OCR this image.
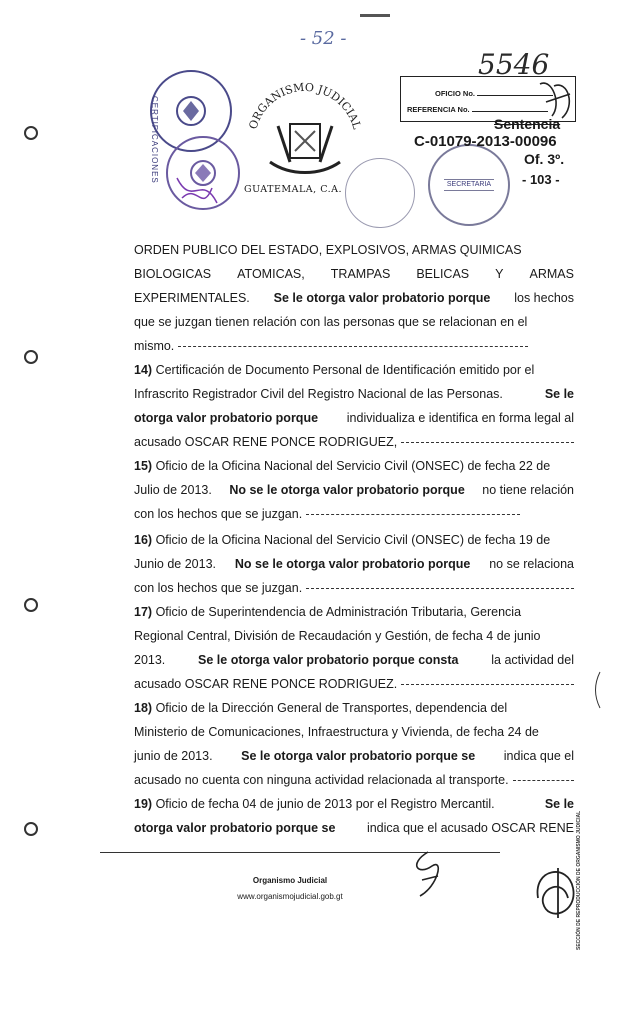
- 52 -
5546
CERTIFICACIONES	ORGANISMO JUDICIAL
GUATEMALA, C.A.	SECRETARIA
OFICIO No.
REFERENCIA No.
Sentencia
C-01079-2013-00096
Of. 3º.
- 103 -
ORDEN PUBLICO DEL ESTADO, EXPLOSIVOS, ARMAS QUIMICAS
BIOLOGICAS ATOMICAS, TRAMPAS BELICAS Y ARMAS
EXPERIMENTALES. Se le otorga valor probatorio porque los hechos
que se juzgan tienen relación con las personas que se relacionan en el
mismo.
14) Certificación de Documento Personal de Identificación emitido por el
Infrascrito Registrador Civil del Registro Nacional de las Personas.	Se le
otorga valor probatorio porque individualiza e identifica en forma legal al
acusado OSCAR RENE PONCE RODRIGUEZ,
15) Oficio de la Oficina Nacional del Servicio Civil (ONSEC) de fecha 22 de
Julio de 2013. No se le otorga valor probatorio porque no tiene relación
con los hechos que se juzgan.
16) Oficio de la Oficina Nacional del Servicio Civil (ONSEC) de fecha 19 de
Junio de 2013. No se le otorga valor probatorio porque no se relaciona
con los hechos que se juzgan.
17) Oficio de Superintendencia de Administración Tributaria, Gerencia
Regional Central, División de Recaudación y Gestión, de fecha 4 de junio
2013.	Se le otorga valor probatorio porque consta	la actividad del
acusado OSCAR RENE PONCE RODRIGUEZ.
18) Oficio de la Dirección General de Transportes, dependencia del
Ministerio de Comunicaciones, Infraestructura y Vivienda, de fecha 24 de
junio de 2013. Se le otorga valor probatorio porque se indica que el
acusado no cuenta con ninguna actividad relacionada al transporte.
19) Oficio de fecha 04 de junio de 2013 por el Registro Mercantil.	Se le
otorga valor probatorio porque se	indica que el acusado OSCAR RENE SECCIÓN DE REPRODUCCIÓN DE ORGANISMO JUDICIAL
Organismo Judicial
www.organismojudicial.gob.gt
